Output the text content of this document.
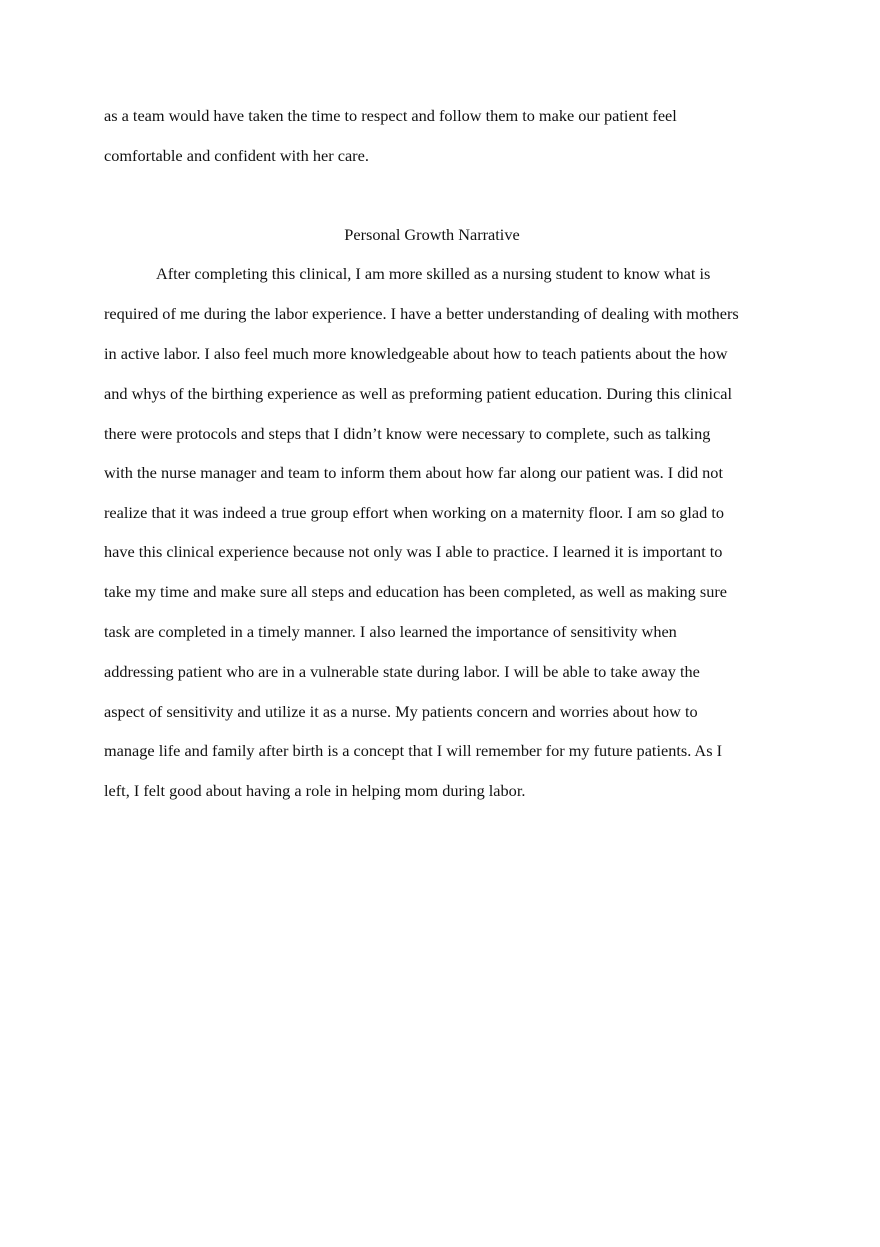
as a team would have taken the time to respect and follow them to make our patient feel
comfortable and confident with her care.
Personal Growth Narrative
After completing this clinical, I am more skilled as a nursing student to know what is
required of me during the labor experience. I have a better understanding of dealing with mothers
in active labor. I also feel much more knowledgeable about how to teach patients about the how
and whys of the birthing experience as well as preforming patient education. During this clinical
there were protocols and steps that I didn’t know were necessary to complete, such as talking
with the nurse manager and team to inform them about how far along our patient was. I did not
realize that it was indeed a true group effort when working on a maternity floor. I am so glad to
have this clinical experience because not only was I able to practice. I learned it is important to
take my time and make sure all steps and education has been completed, as well as making sure
task are completed in a timely manner. I also learned the importance of sensitivity when
addressing patient who are in a vulnerable state during labor. I will be able to take away the
aspect of sensitivity and utilize it as a nurse. My patients concern and worries about how to
manage life and family after birth is a concept that I will remember for my future patients. As I
left, I felt good about having a role in helping mom during labor.
